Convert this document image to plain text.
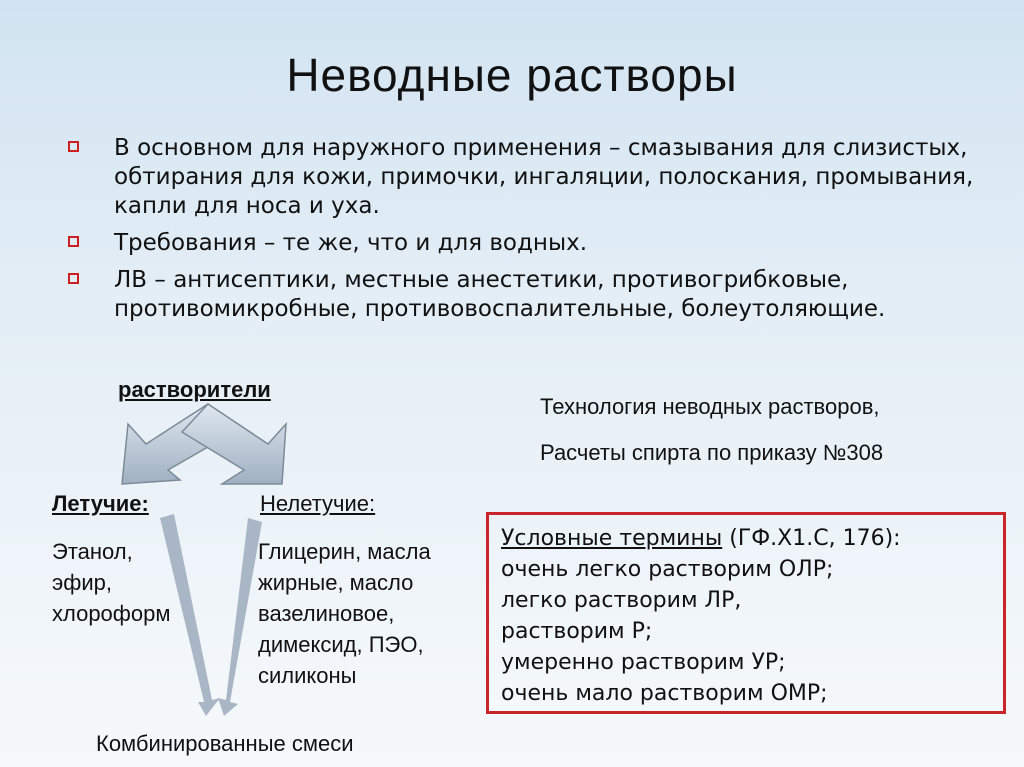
Неводные растворы
В основном для наружного применения – смазывания для слизистых, обтирания для кожи, примочки, ингаляции, полоскания, промывания, капли для носа и уха.
Требования – те же, что и для водных.
ЛВ – антисептики, местные анестетики, противогрибковые, противомикробные, противовоспалительные, болеутоляющие.
растворители
Технология неводных растворов,
Расчеты спирта по приказу №308
Летучие:	Нелетучие:
Этанол,
эфир,
хлороформ
Глицерин, масла
жирные, масло
вазелиновое,
димексид, ПЭО,
силиконы
Комбинированные смеси
Условные термины (ГФ.Х1.С, 176):
очень легко растворим ОЛР;
легко растворим ЛР,
растворим Р;
умеренно растворим УР;
очень мало растворим ОМР;
